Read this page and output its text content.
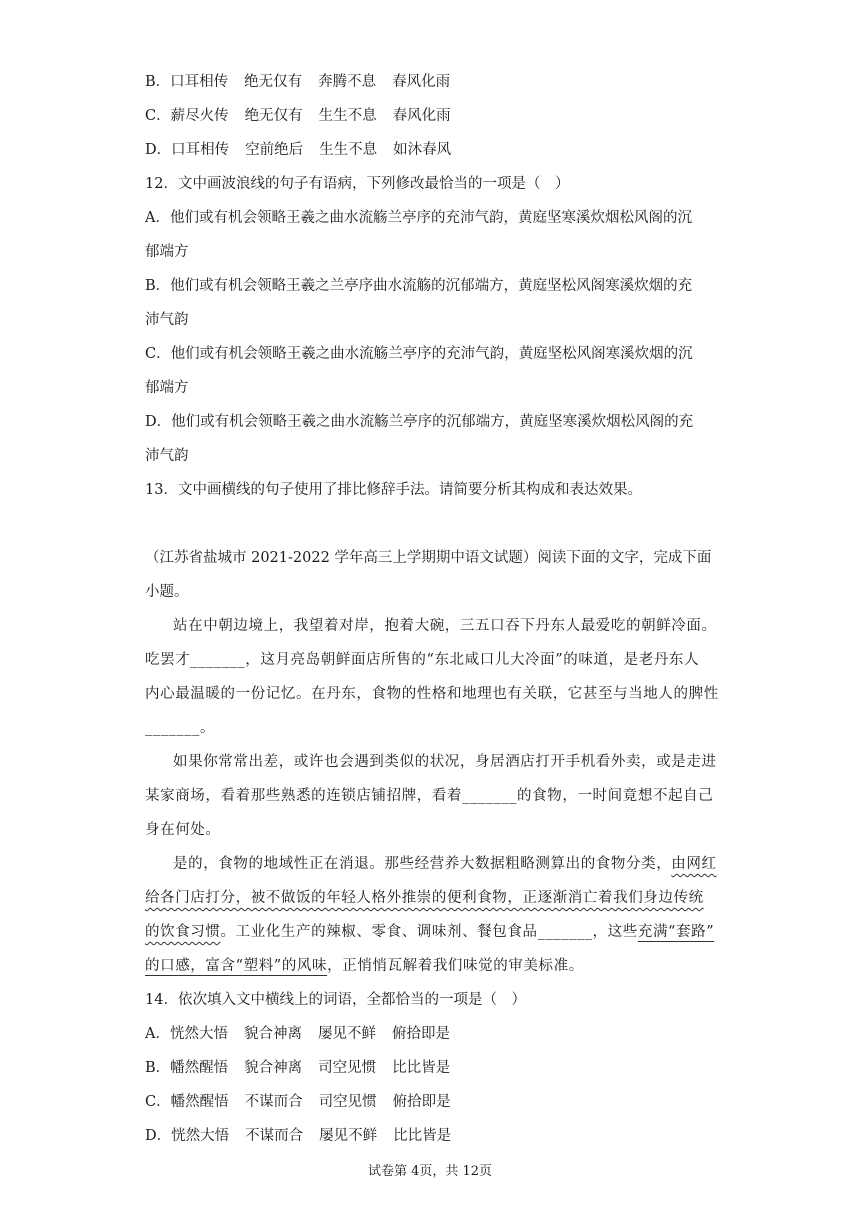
B．口耳相传 绝无仅有 奔腾不息 春风化雨
C．薪尽火传 绝无仅有 生生不息 春风化雨
D．口耳相传 空前绝后 生生不息 如沐春风
12．文中画波浪线的句子有语病，下列修改最恰当的一项是（　）
A．他们或有机会领略王羲之曲水流觞兰亭序的充沛气韵，黄庭坚寒溪炊烟松风阁的沉
郁端方
B．他们或有机会领略王羲之兰亭序曲水流觞的沉郁端方，黄庭坚松风阁寒溪炊烟的充
沛气韵
C．他们或有机会领略王羲之曲水流觞兰亭序的充沛气韵，黄庭坚松风阁寒溪炊烟的沉
郁端方
D．他们或有机会领略王羲之曲水流觞兰亭序的沉郁端方，黄庭坚寒溪炊烟松风阁的充
沛气韵
13．文中画横线的句子使用了排比修辞手法。请简要分析其构成和表达效果。
（江苏省盐城市 2021-2022 学年高三上学期期中语文试题）阅读下面的文字，完成下面
小题。
站在中朝边境上，我望着对岸，抱着大碗，三五口吞下丹东人最爱吃的朝鲜冷面。
吃罢才_______，这月亮岛朝鲜面店所售的“东北咸口儿大冷面”的味道，是老丹东人
内心最温暖的一份记忆。在丹东，食物的性格和地理也有关联，它甚至与当地人的脾性
_______。
如果你常常出差，或许也会遇到类似的状况，身居酒店打开手机看外卖，或是走进
某家商场，看着那些熟悉的连锁店铺招牌，看着_______的食物，一时间竟想不起自己
身在何处。
是的，食物的地域性正在消退。那些经营养大数据粗略测算出的食物分类，由网红
给各门店打分，被不做饭的年轻人格外推崇的便利食物，正逐渐消亡着我们身边传统
的饮食习惯。工业化生产的辣椒、零食、调味剂、餐包食品_______，这些充满“套路”
的口感，富含“塑料”的风味，正悄悄瓦解着我们味觉的审美标准。
14．依次填入文中横线上的词语，全都恰当的一项是（　）
A．恍然大悟 貌合神离 屡见不鲜 俯拾即是
B．幡然醒悟 貌合神离 司空见惯 比比皆是
C．幡然醒悟 不谋而合 司空见惯 俯拾即是
D．恍然大悟 不谋而合 屡见不鲜 比比皆是
试卷第 4页，共 12页
